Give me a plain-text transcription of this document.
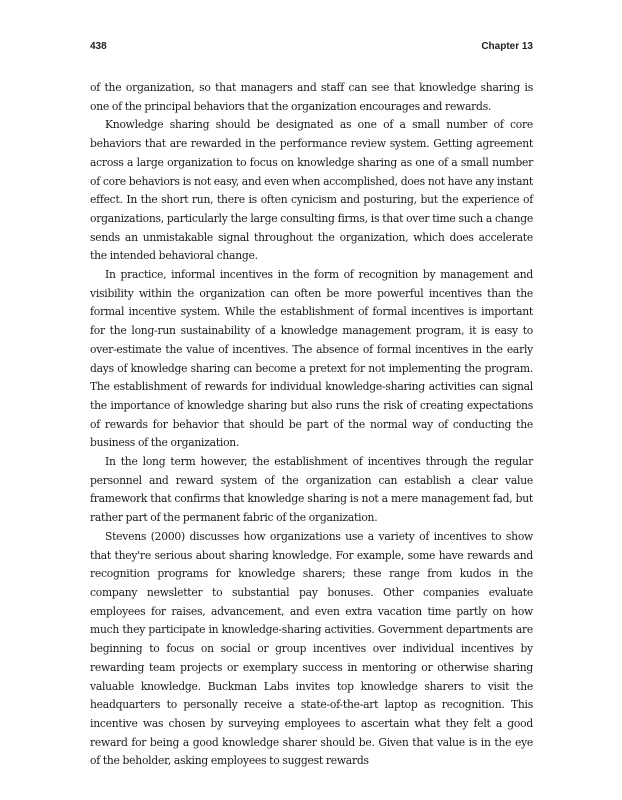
438	Chapter 13

of the organization, so that managers and staff can see that knowledge sharing is one of the principal behaviors that the organization encourages and rewards.

Knowledge sharing should be designated as one of a small number of core behaviors that are rewarded in the performance review system. Getting agreement across a large organization to focus on knowledge sharing as one of a small number of core behaviors is not easy, and even when accomplished, does not have any instant effect. In the short run, there is often cynicism and posturing, but the experience of organizations, particularly the large consulting firms, is that over time such a change sends an unmistakable signal throughout the organization, which does accelerate the intended behavioral change.

In practice, informal incentives in the form of recognition by management and visibility within the organization can often be more powerful incentives than the formal incentive system. While the establishment of formal incentives is important for the long-run sustainability of a knowledge management program, it is easy to over-estimate the value of incentives. The absence of formal incentives in the early days of knowledge sharing can become a pretext for not implementing the program. The establishment of rewards for individual knowledge-sharing activities can signal the importance of knowledge sharing but also runs the risk of creating expectations of rewards for behavior that should be part of the normal way of conducting the business of the organization.

In the long term however, the establishment of incentives through the regular personnel and reward system of the organization can establish a clear value framework that confirms that knowledge sharing is not a mere management fad, but rather part of the permanent fabric of the organization.

Stevens (2000) discusses how organizations use a variety of incentives to show that they're serious about sharing knowledge. For example, some have rewards and recognition programs for knowledge sharers; these range from kudos in the company newsletter to substantial pay bonuses. Other companies evaluate employees for raises, advancement, and even extra vacation time partly on how much they participate in knowledge-sharing activities. Government departments are beginning to focus on social or group incentives over individual incentives by rewarding team projects or exemplary success in mentoring or otherwise sharing valuable knowledge. Buckman Labs invites top knowledge sharers to visit the headquarters to personally receive a state-of-the-art laptop as recognition. This incentive was chosen by surveying employees to ascertain what they felt a good reward for being a good knowledge sharer should be. Given that value is in the eye of the beholder, asking employees to suggest rewards
